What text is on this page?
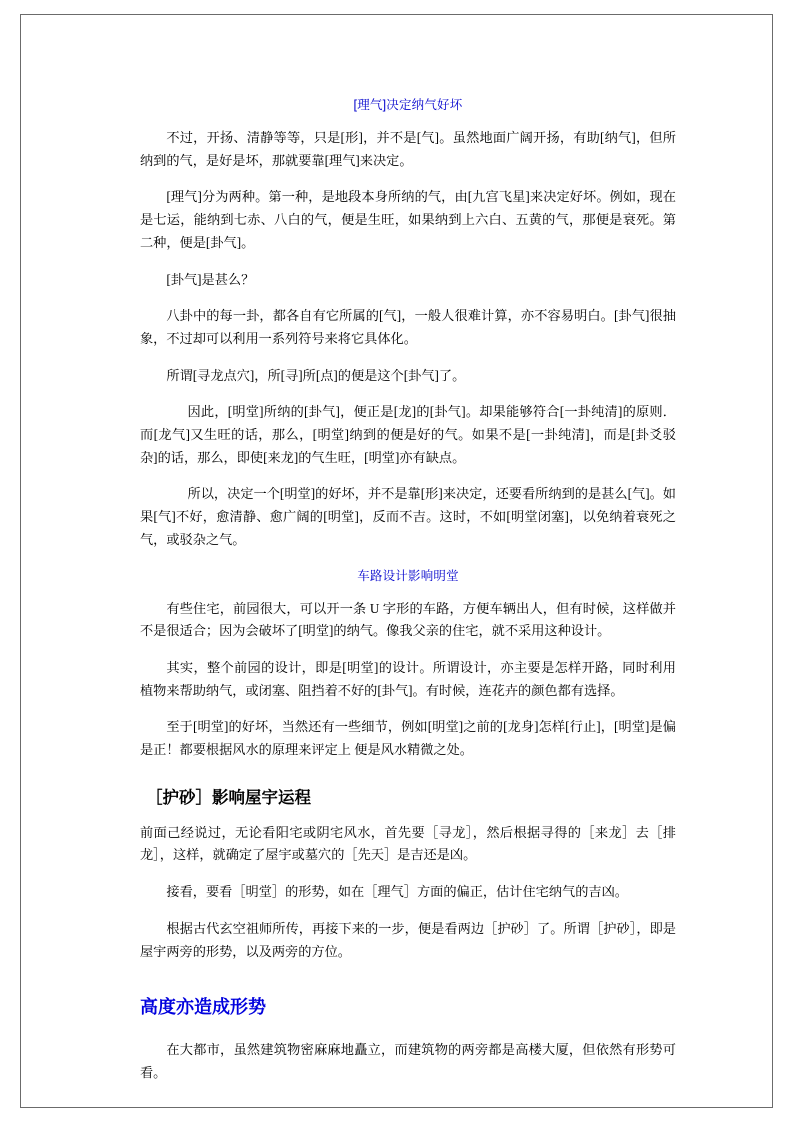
[理气]决定纳气好坏

不过，开扬、清静等等，只是[形]，并不是[气]。虽然地面广阔开扬，有助[纳气]，但所纳到的气，是好是坏，那就要靠[理气]来决定。

[理气]分为两种。第一种，是地段本身所纳的气，由[九宫飞星]来决定好坏。例如，现在是七运，能纳到七赤、八白的气，便是生旺，如果纳到上六白、五黄的气，那便是衰死。第二种，便是[卦气]。

[卦气]是甚么？

八卦中的每一卦，都各自有它所属的[气]，一般人很难计算，亦不容易明白。[卦气]很抽象，不过却可以利用一系列符号来将它具体化。

所谓[寻龙点穴]，所[寻]所[点]的便是这个[卦气]了。

因此，[明堂]所纳的[卦气]，便正是[龙]的[卦气]。却果能够符合[一卦纯清]的原则．而[龙气]又生旺的话，那么，[明堂]纳到的便是好的气。如果不是[一卦纯清]，而是[卦爻驳杂]的话，那么，即使[来龙]的气生旺，[明堂]亦有缺点。

所以，决定一个[明堂]的好坏，并不是靠[形]来决定，还要看所纳到的是甚么[气]。如果[气]不好，愈清静、愈广阔的[明堂]，反而不吉。这时，不如[明堂闭塞]，以免纳着衰死之气，或驳杂之气。

车路设计影响明堂

有些住宅，前园很大，可以开一条 U 字形的车路，方便车辆出人，但有时候，这样做并不是很适合；因为会破坏了[明堂]的纳气。像我父亲的住宅，就不采用这种设计。

其实，整个前园的设计，即是[明堂]的设计。所谓设计，亦主要是怎样开路，同时利用植物来帮助纳气，或闭塞、阻挡着不好的[卦气]。有时候，连花卉的颜色都有选择。

至于[明堂]的好坏，当然还有一些细节，例如[明堂]之前的[龙身]怎样[行止]，[明堂]是偏是正！都要根据风水的原理来评定上 便是风水精微之处。

［护砂］影响屋宇运程

前面己经说过，无论看阳宅或阴宅风水，首先要［寻龙］，然后根据寻得的［来龙］去［排龙］，这样，就确定了屋宇或墓穴的［先天］是吉还是凶。

接看，要看［明堂］的形势，如在［理气］方面的偏正，估计住宅纳气的吉凶。

根据古代玄空祖师所传，再接下来的一步，便是看两边［护砂］了。所谓［护砂］，即是屋宇两旁的形势，以及两旁的方位。

高度亦造成形势

在大都市，虽然建筑物密麻麻地矗立，而建筑物的两旁都是高楼大厦，但依然有形势可看。
